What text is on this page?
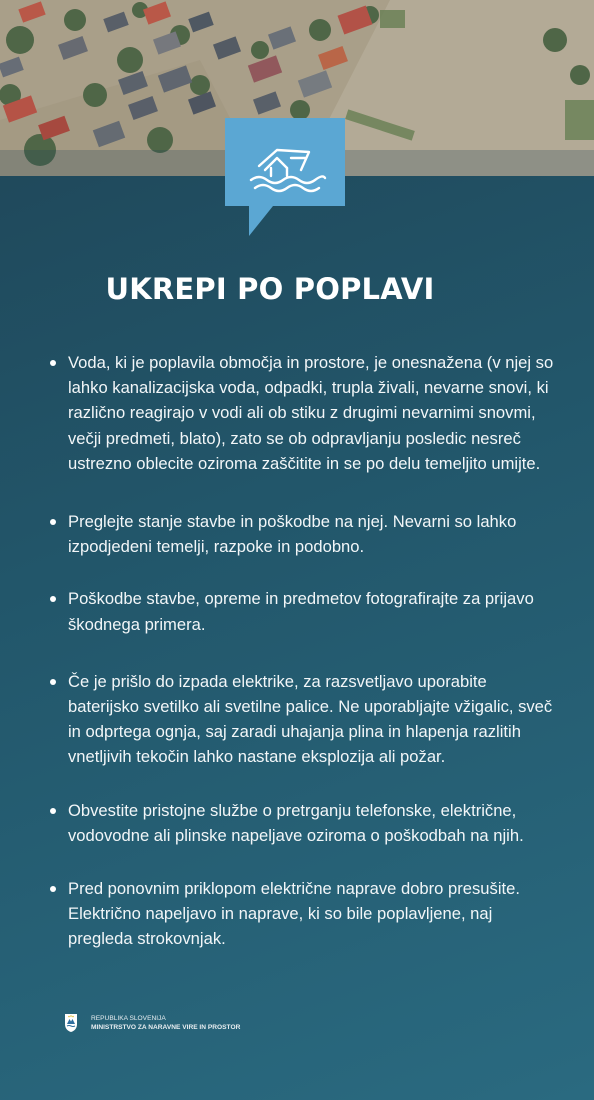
UKREPI PO POPLAVI
Voda, ki je poplavila območja in prostore, je onesnažena (v njej so lahko kanalizacijska voda, odpadki, trupla živali, nevarne snovi, ki različno reagirajo v vodi ali ob stiku z drugimi nevarnimi snovmi, večji predmeti, blato), zato se ob odpravljanju posledic nesreč ustrezno oblecite oziroma zaščitite in se po delu temeljito umijte.
Preglejte stanje stavbe in poškodbe na njej. Nevarni so lahko izpodjedeni temelji, razpoke in podobno.
Poškodbe stavbe, opreme in predmetov fotografirajte za prijavo škodnega primera.
Če je prišlo do izpada elektrike, za razsvetljavo uporabite baterijsko svetilko ali svetilne palice. Ne uporabljajte vžigalic, sveč in odprtega ognja, saj zaradi uhajanja plina in hlapenja razlitih vnetljivih tekočin lahko nastane eksplozija ali požar.
Obvestite pristojne službe o pretrganju telefonske, električne, vodovodne ali plinske napeljave oziroma o poškodbah na njih.
Pred ponovnim priklopom električne naprave dobro presušite. Električno napeljavo in naprave, ki so bile poplavljene, naj pregleda strokovnjak.
REPUBLIKA SLOVENIJA
MINISTRSTVO ZA NARAVNE VIRE IN PROSTOR
